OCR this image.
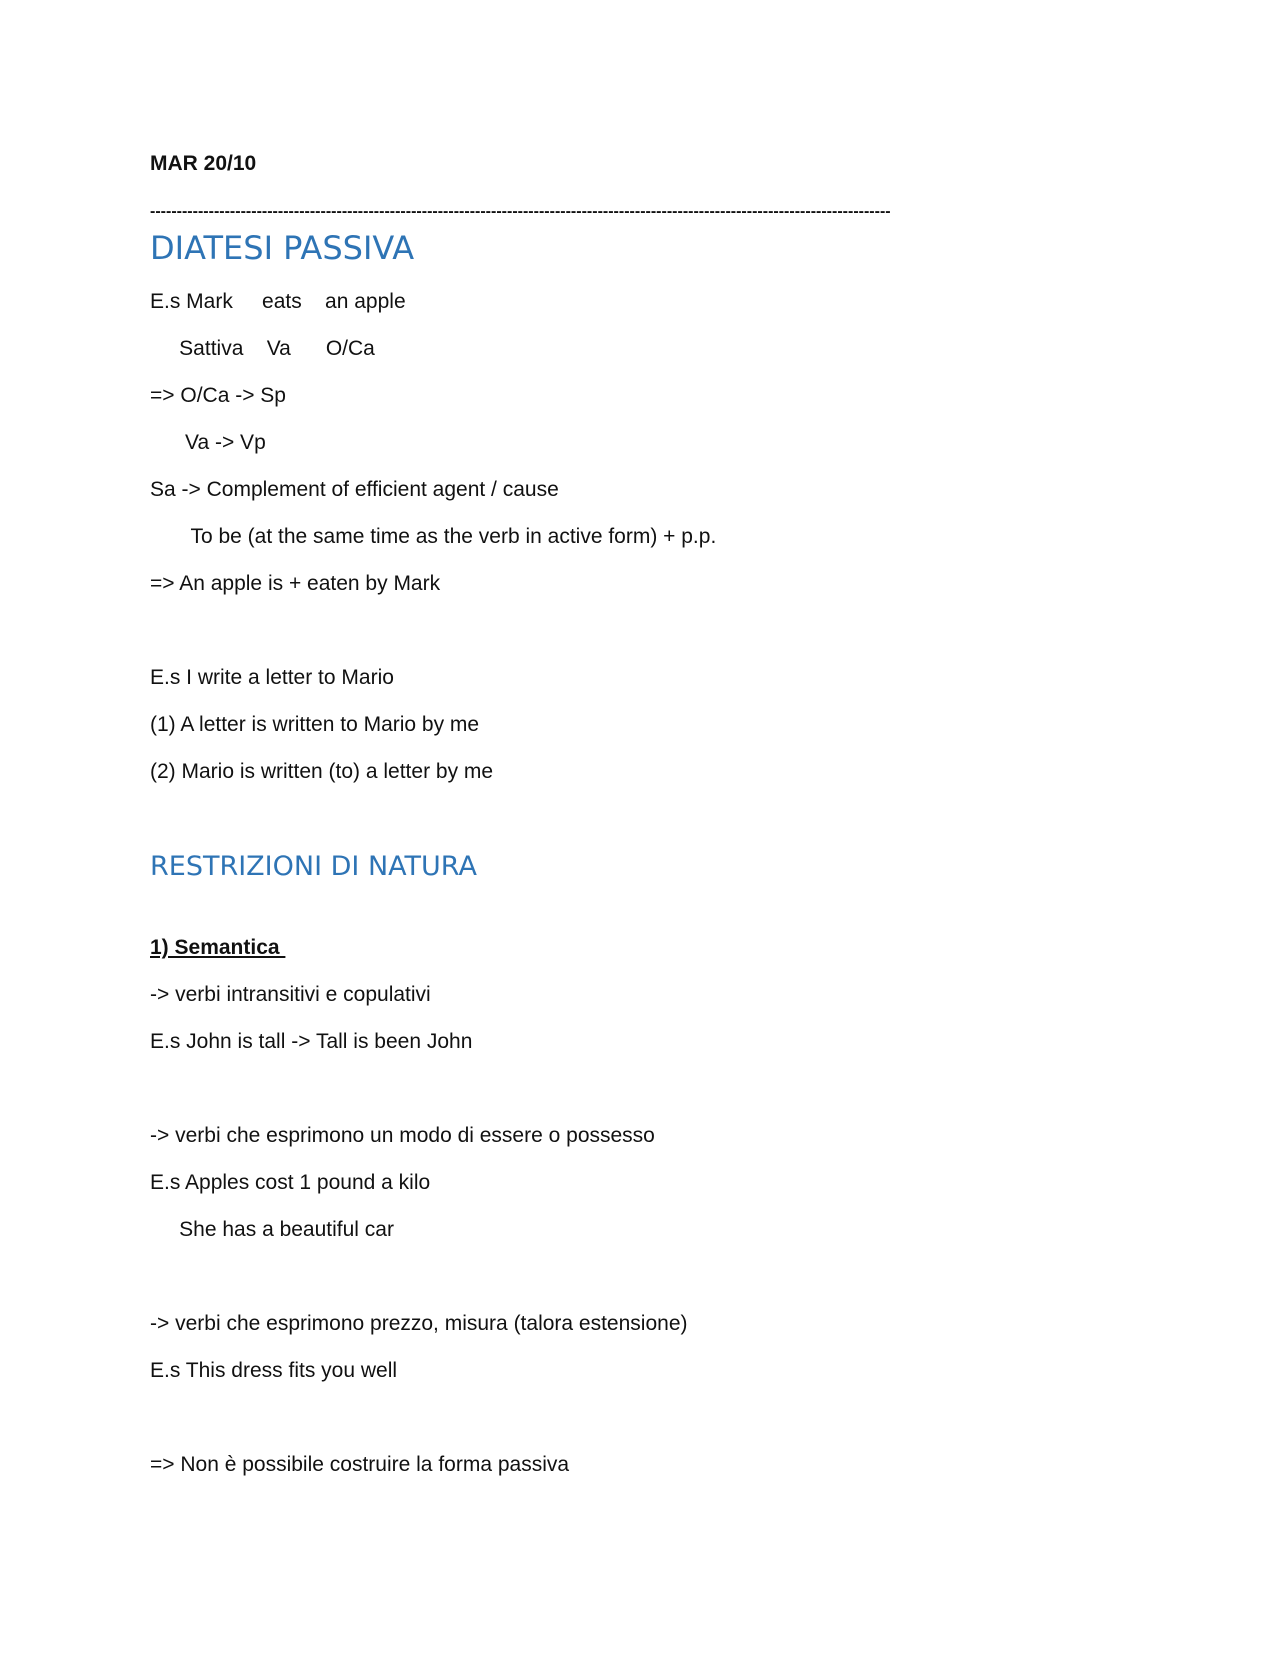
MAR 20/10
-------------------------------------------------------------------------------------------------------------------------------------------
DIATESI PASSIVA
E.s Mark     eats    an apple
Sattiva    Va      O/Ca
=> O/Ca -> Sp
Va -> Vp
Sa -> Complement of efficient agent / cause
To be (at the same time as the verb in active form) + p.p.
=> An apple is + eaten by Mark
E.s I write a letter to Mario
(1) A letter is written to Mario by me
(2) Mario is written (to) a letter by me
RESTRIZIONI DI NATURA
1) Semantica
-> verbi intransitivi e copulativi
E.s John is tall -> Tall is been John
-> verbi che esprimono un modo di essere o possesso
E.s Apples cost 1 pound a kilo
She has a beautiful car
-> verbi che esprimono prezzo, misura (talora estensione)
E.s This dress fits you well
=> Non è possibile costruire la forma passiva
